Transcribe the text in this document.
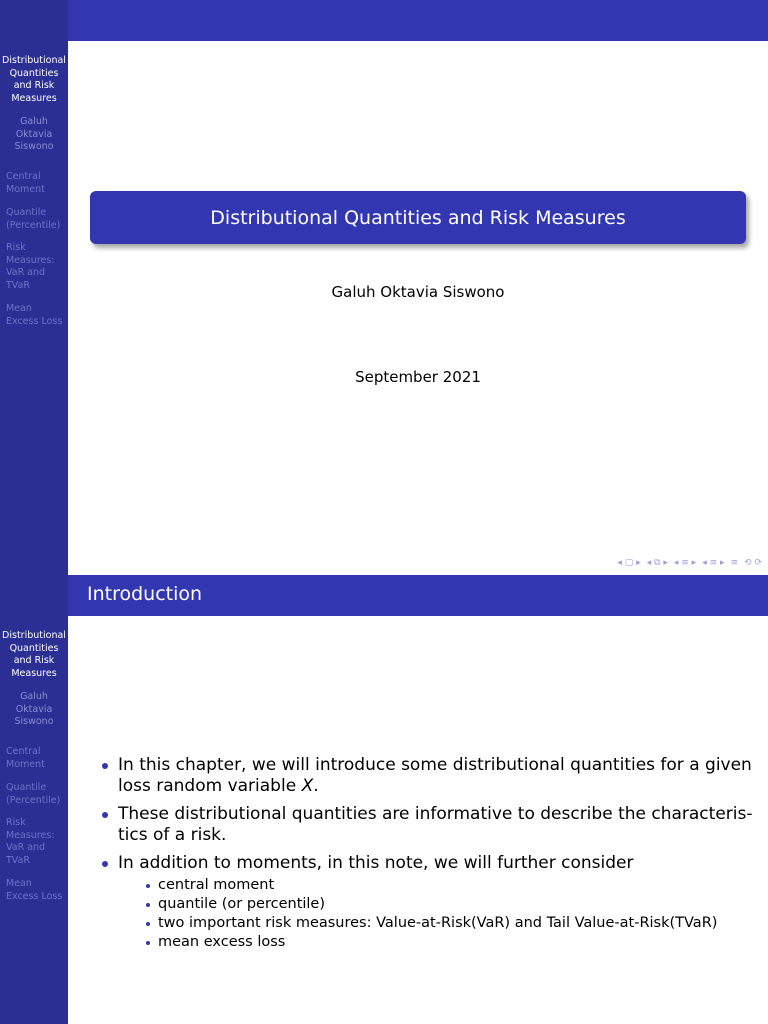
Distributional
Quantities
and Risk
Measures
Galuh
Oktavia
Siswono
Central
Moment
Quantile
(Percentile)
Risk
Measures:
VaR and
TVaR
Mean
Excess Loss
Distributional Quantities and Risk Measures
Galuh Oktavia Siswono
September 2021
◂ ▢ ▸ ◂ ⧉ ▸ ◂ ≡ ▸ ◂ ≡ ▸ ≡ ⟲ ⟳
Distributional
Quantities
and Risk
Measures
Galuh
Oktavia
Siswono
Central
Moment
Quantile
(Percentile)
Risk
Measures:
VaR and
TVaR
Mean
Excess Loss
Introduction
In this chapter, we will introduce some distributional quantities for a given
loss random variable X.
These distributional quantities are informative to describe the characteris-
tics of a risk.
In addition to moments, in this note, we will further consider
central moment
quantile (or percentile)
two important risk measures: Value-at-Risk(VaR) and Tail Value-at-Risk(TVaR)
mean excess loss
